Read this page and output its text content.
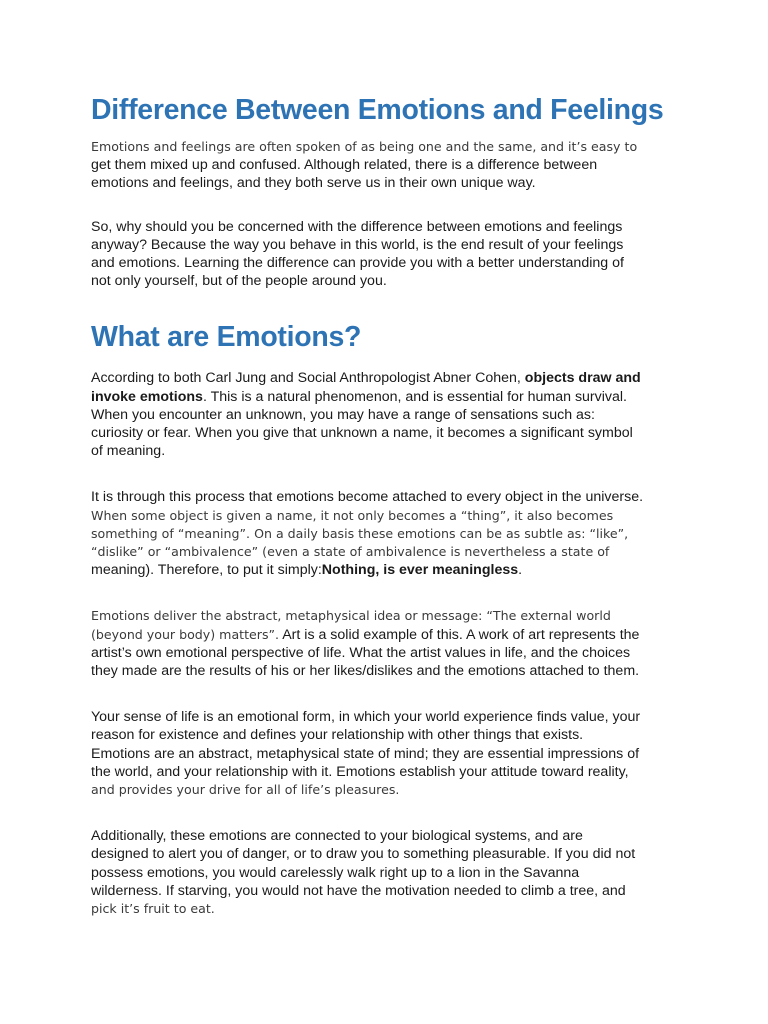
Difference Between Emotions and Feelings

Emotions and feelings are often spoken of as being one and the same, and it’s easy to
get them mixed up and confused. Although related, there is a difference between
emotions and feelings, and they both serve us in their own unique way.

So, why should you be concerned with the difference between emotions and feelings
anyway? Because the way you behave in this world, is the end result of your feelings
and emotions. Learning the difference can provide you with a better understanding of
not only yourself, but of the people around you.

What are Emotions?

According to both Carl Jung and Social Anthropologist Abner Cohen, objects draw and
invoke emotions. This is a natural phenomenon, and is essential for human survival.
When you encounter an unknown, you may have a range of sensations such as:
curiosity or fear. When you give that unknown a name, it becomes a significant symbol
of meaning.

It is through this process that emotions become attached to every object in the universe.
When some object is given a name, it not only becomes a “thing”, it also becomes
something of “meaning”. On a daily basis these emotions can be as subtle as: “like”,
“dislike” or “ambivalence” (even a state of ambivalence is nevertheless a state of
meaning). Therefore, to put it simply:Nothing, is ever meaningless.

Emotions deliver the abstract, metaphysical idea or message: “The external world
(beyond your body) matters”. Art is a solid example of this. A work of art represents the
artist’s own emotional perspective of life. What the artist values in life, and the choices
they made are the results of his or her likes/dislikes and the emotions attached to them.

Your sense of life is an emotional form, in which your world experience finds value, your
reason for existence and defines your relationship with other things that exists.
Emotions are an abstract, metaphysical state of mind; they are essential impressions of
the world, and your relationship with it. Emotions establish your attitude toward reality,
and provides your drive for all of life’s pleasures.

Additionally, these emotions are connected to your biological systems, and are
designed to alert you of danger, or to draw you to something pleasurable. If you did not
possess emotions, you would carelessly walk right up to a lion in the Savanna
wilderness. If starving, you would not have the motivation needed to climb a tree, and
pick it’s fruit to eat.
